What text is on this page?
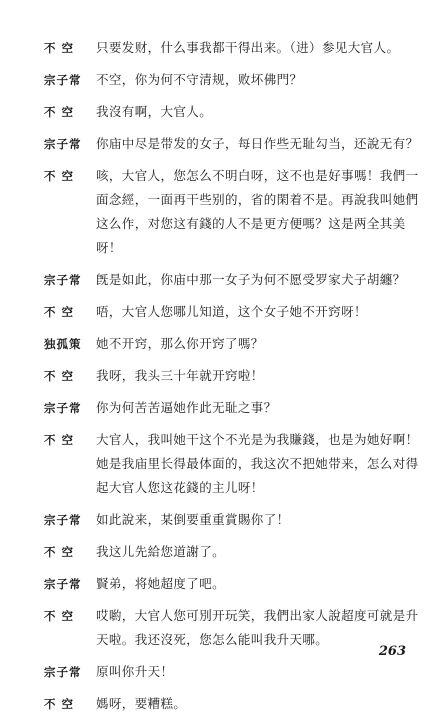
不 空	只要发财，什么事我都干得出来。（进）参见大官人。
宗子常	不空，你为何不守清规，败坏佛門？
不 空	我沒有啊，大官人。
宗子常	你庙中尽是带发的女子，每日作些无耻勾当，还說无有？
不 空	咳，大官人，您怎么不明白呀，这不也是好事嗎！我們一面念經，一面再干些别的，省的閑着不是。再說我叫她們这么作，对您这有錢的人不是更方便嗎？这是两全其美呀！
宗子常	旣是如此，你庙中那一女子为何不愿受罗家犬子胡纏？
不 空	唔，大官人您哪儿知道，这个女子她不开窍呀！
独孤策	她不开窍，那么你开窍了嗎？
不 空	我呀，我头三十年就开窍啦！
宗子常	你为何苦苦逼她作此无耻之事？
不 空	大官人，我叫她干这个不光是为我賺錢，也是为她好啊！她是我庙里长得最体面的，我这次不把她带来，怎么对得起大官人您这花錢的主儿呀！
宗子常	如此說来，某倒要重重賞賜你了！
不 空	我这儿先給您道謝了。
宗子常	賢弟，将她超度了吧。
不 空	哎喲，大官人您可別开玩笑，我們出家人說超度可就是升天啦。我还沒死，您怎么能叫我升天哪。
宗子常	原叫你升天！
不 空	媽呀，要糟糕。
263
